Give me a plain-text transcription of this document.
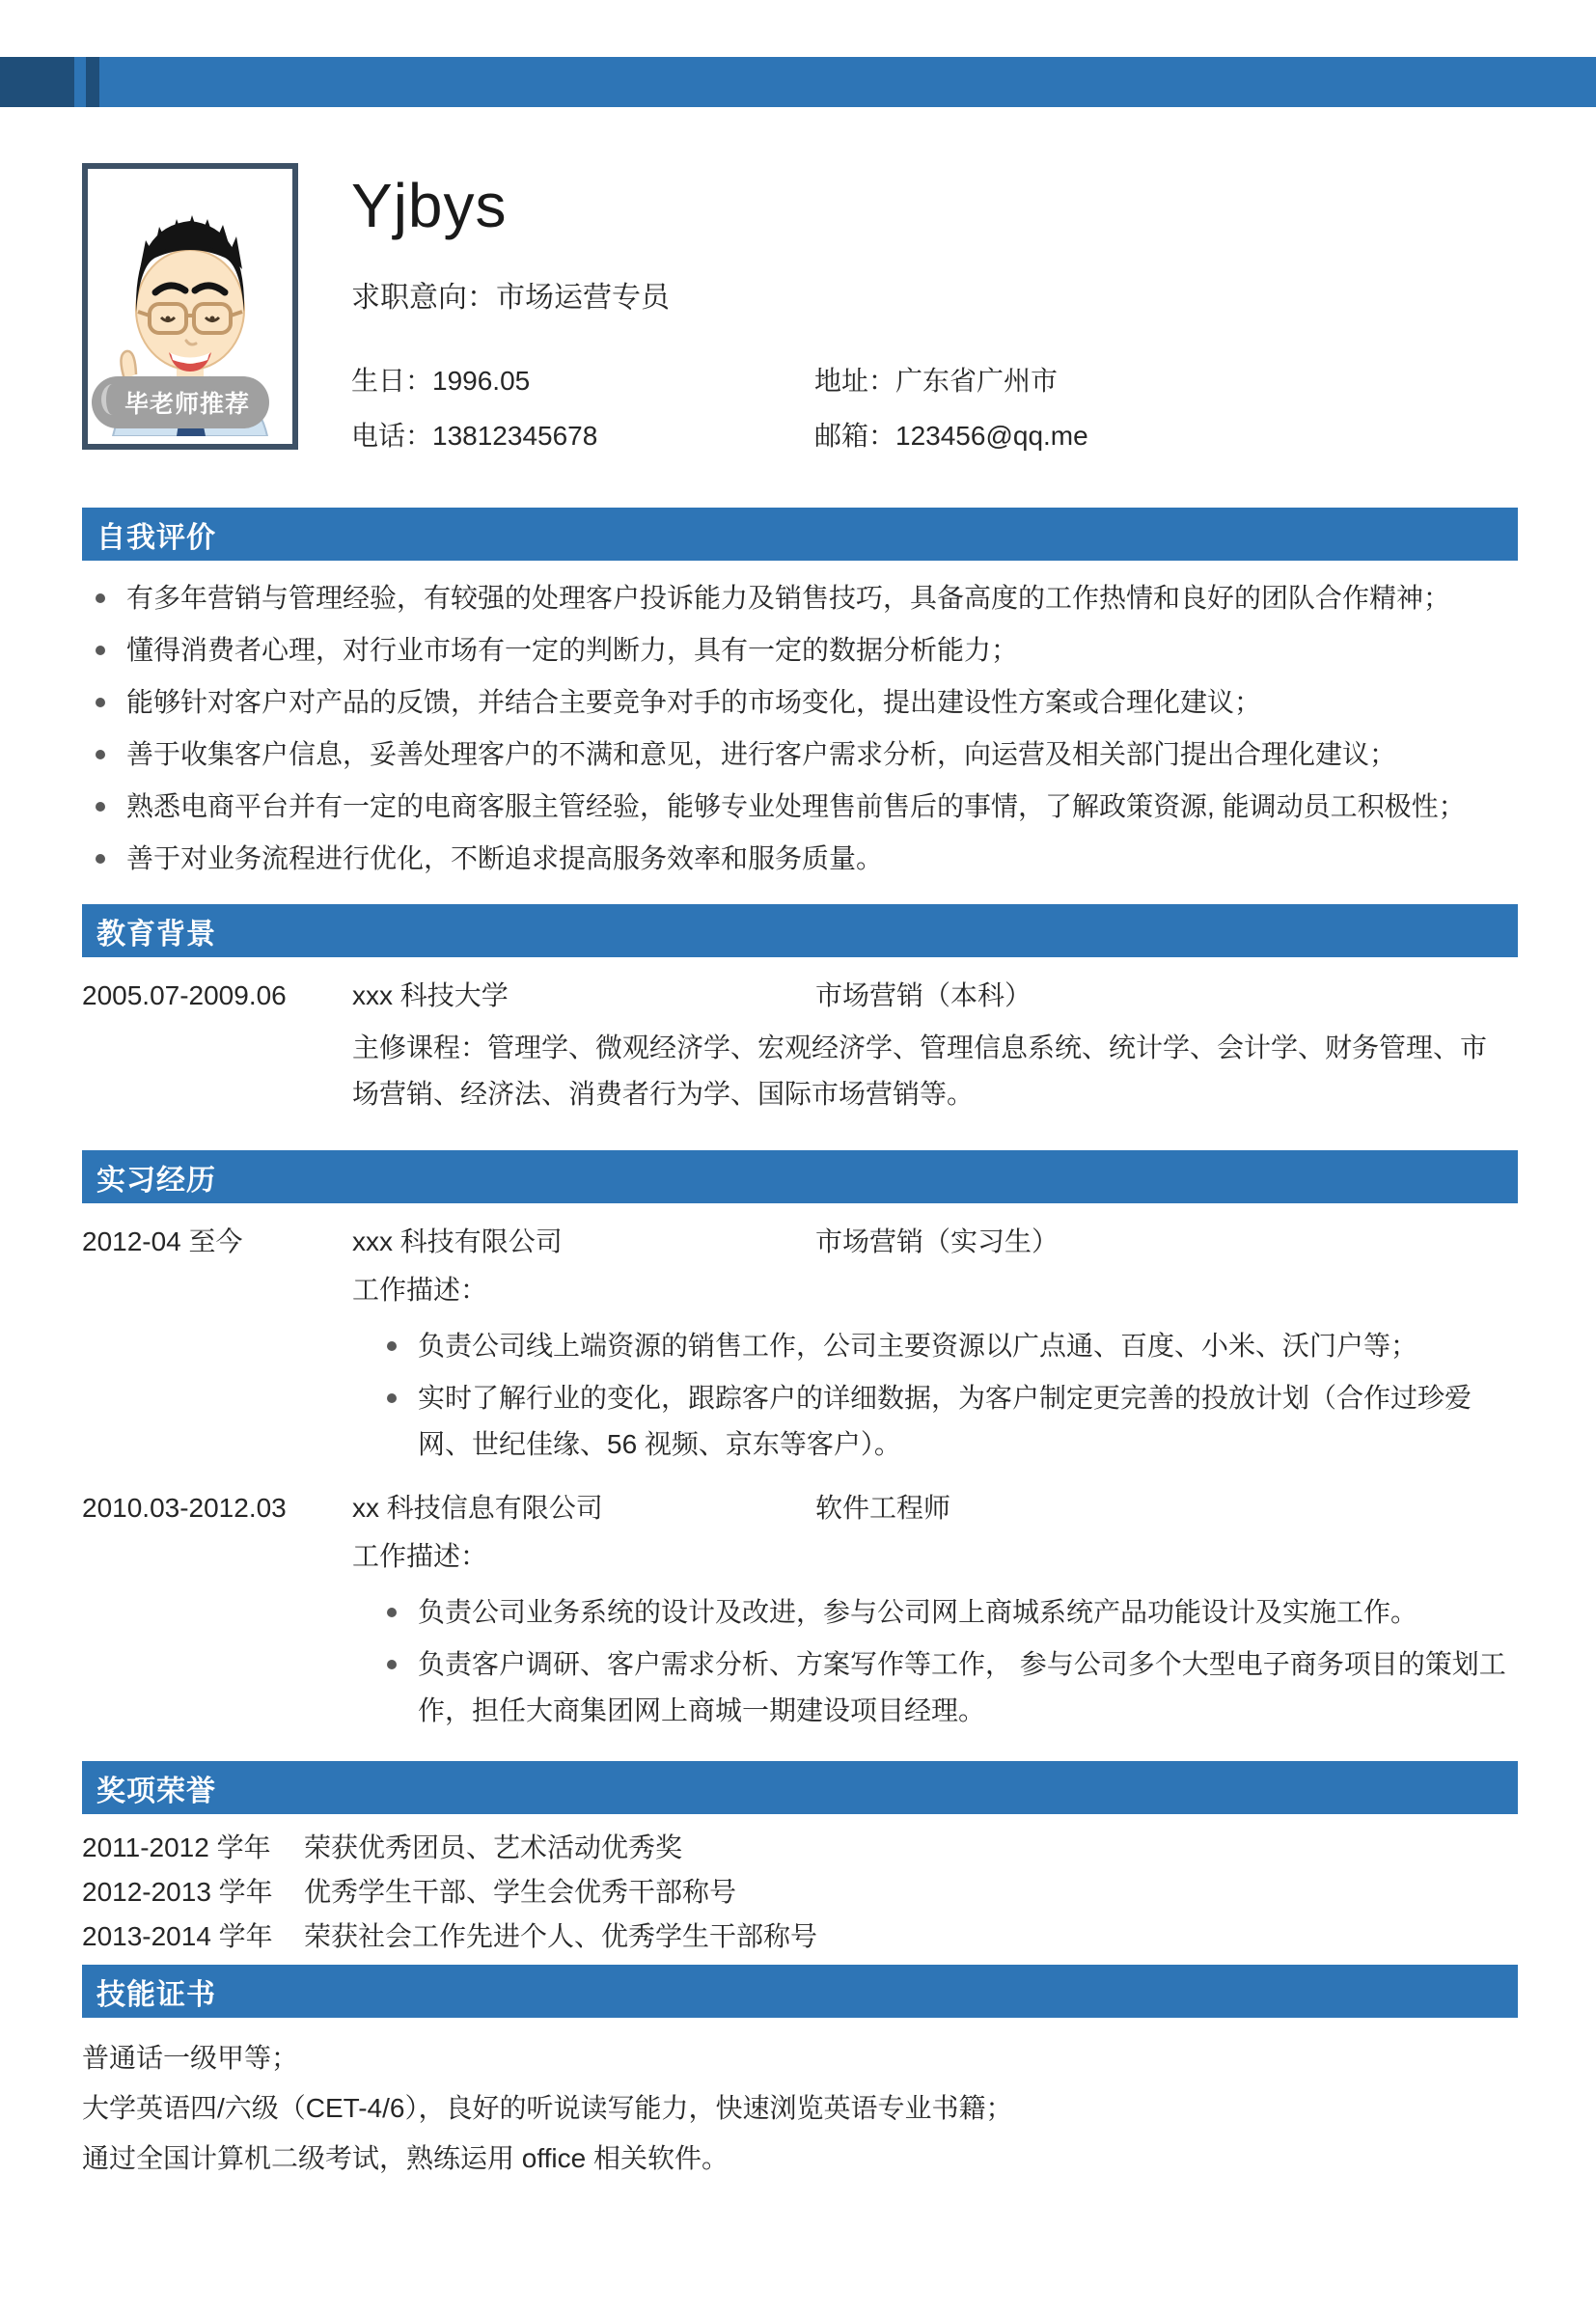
毕老师推荐
Yjbys
求职意向：市场运营专员
生日：1996.05	地址：广东省广州市
电话：13812345678	邮箱：123456@qq.me
自我评价
有多年营销与管理经验，有较强的处理客户投诉能力及销售技巧，具备高度的工作热情和良好的团队合作精神；
懂得消费者心理，对行业市场有一定的判断力，具有一定的数据分析能力；
能够针对客户对产品的反馈，并结合主要竞争对手的市场变化，提出建设性方案或合理化建议；
善于收集客户信息，妥善处理客户的不满和意见，进行客户需求分析，向运营及相关部门提出合理化建议；
熟悉电商平台并有一定的电商客服主管经验，能够专业处理售前售后的事情，了解政策资源, 能调动员工积极性；
善于对业务流程进行优化，不断追求提高服务效率和服务质量。
教育背景
2005.07-2009.06	xxx 科技大学	市场营销（本科）
主修课程：管理学、微观经济学、宏观经济学、管理信息系统、统计学、会计学、财务管理、市场营销、经济法、消费者行为学、国际市场营销等。
实习经历
2012-04 至今	xxx 科技有限公司	市场营销（实习生）
工作描述：
负责公司线上端资源的销售工作，公司主要资源以广点通、百度、小米、沃门户等；
实时了解行业的变化，跟踪客户的详细数据，为客户制定更完善的投放计划（合作过珍爱网、世纪佳缘、56 视频、京东等客户）。
2010.03-2012.03	xx 科技信息有限公司	软件工程师
工作描述：
负责公司业务系统的设计及改进，参与公司网上商城系统产品功能设计及实施工作。
负责客户调研、客户需求分析、方案写作等工作， 参与公司多个大型电子商务项目的策划工作，担任大商集团网上商城一期建设项目经理。
奖项荣誉
2011-2012 学年	荣获优秀团员、艺术活动优秀奖
2012-2013 学年	优秀学生干部、学生会优秀干部称号
2013-2014 学年	荣获社会工作先进个人、优秀学生干部称号
技能证书
普通话一级甲等；
大学英语四/六级（CET-4/6），良好的听说读写能力，快速浏览英语专业书籍；
通过全国计算机二级考试，熟练运用 office 相关软件。
